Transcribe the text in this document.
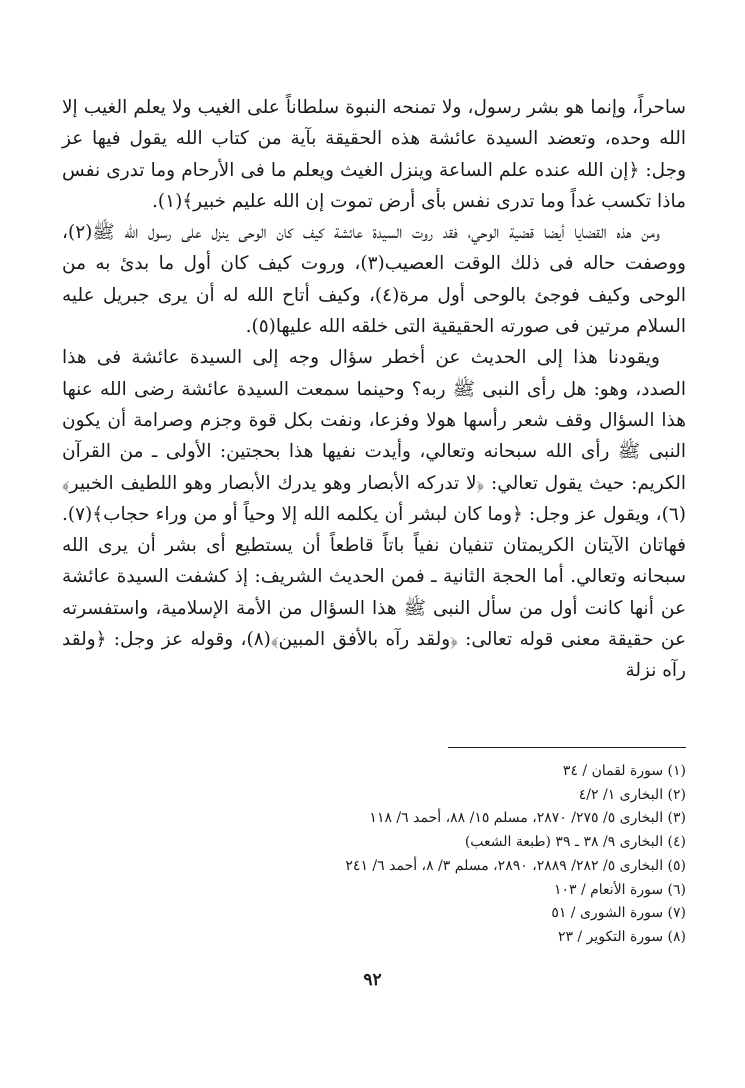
ساحراً، وإنما هو بشر رسول، ولا تمنحه النبوة سلطاناً على الغيب ولا يعلم الغيب إلا الله وحده، وتعضد السيدة عائشة هذه الحقيقة بآية من كتاب الله يقول فيها عز وجل: ﴿إن الله عنده علم الساعة وينزل الغيث ويعلم ما فى الأرحام وما تدرى نفس ماذا تكسب غداً وما تدرى نفس بأى أرض تموت إن الله عليم خبير﴾(١).

ومن هذه القضايا أيضا قضية الوحي، فقد روت السيدة عائشة كيف كان الوحى ينزل على رسول الله ﷺ(٢)، ووصفت حاله فى ذلك الوقت العصيب(٣)، وروت كيف كان أول ما بدئ به من الوحى وكيف فوجئ بالوحى أول مرة(٤)، وكيف أتاح الله له أن يرى جبريل عليه السلام مرتين فى صورته الحقيقية التى خلقه الله عليها(٥).

ويقودنا هذا إلى الحديث عن أخطر سؤال وجه إلى السيدة عائشة فى هذا الصدد، وهو: هل رأى النبى ﷺ ربه؟ وحينما سمعت السيدة عائشة رضى الله عنها هذا السؤال وقف شعر رأسها هولا وفزعا، ونفت بكل قوة وجزم وصرامة أن يكون النبى ﷺ رأى الله سبحانه وتعالي، وأيدت نفيها هذا بحجتين: الأولى ـ من القرآن الكريم: حيث يقول تعالي: ﴿لا تدركه الأبصار وهو يدرك الأبصار وهو اللطيف الخبير﴾(٦)، ويقول عز وجل: ﴿وما كان لبشر أن يكلمه الله إلا وحياً أو من وراء حجاب﴾(٧). فهاتان الآيتان الكريمتان تنفيان نفياً باتاً قاطعاً أن يستطيع أى بشر أن يرى الله سبحانه وتعالي. أما الحجة الثانية ـ فمن الحديث الشريف: إذ كشفت السيدة عائشة عن أنها كانت أول من سأل النبى ﷺ هذا السؤال من الأمة الإسلامية، واستفسرته عن حقيقة معنى قوله تعالى: ﴿ولقد رآه بالأفق المبين﴾(٨)، وقوله عز وجل: ﴿ولقد رآه نزلة

(١) سورة لقمان / ٣٤
(٢) البخارى ١/ ٤/٢
(٣) البخارى ٥/ ٢٧٥/ ٢٨٧٠، مسلم ١٥/ ٨٨، أحمد ٦/ ١١٨
(٤) البخارى ٩/ ٣٨ ـ ٣٩ (طبعة الشعب)
(٥) البخارى ٥/ ٢٨٢/ ٢٨٨٩، ٢٨٩٠، مسلم ٣/ ٨، أحمد ٦/ ٢٤١
(٦) سورة الأنعام / ١٠٣
(٧) سورة الشورى / ٥١
(٨) سورة التكوير / ٢٣
٩٢
